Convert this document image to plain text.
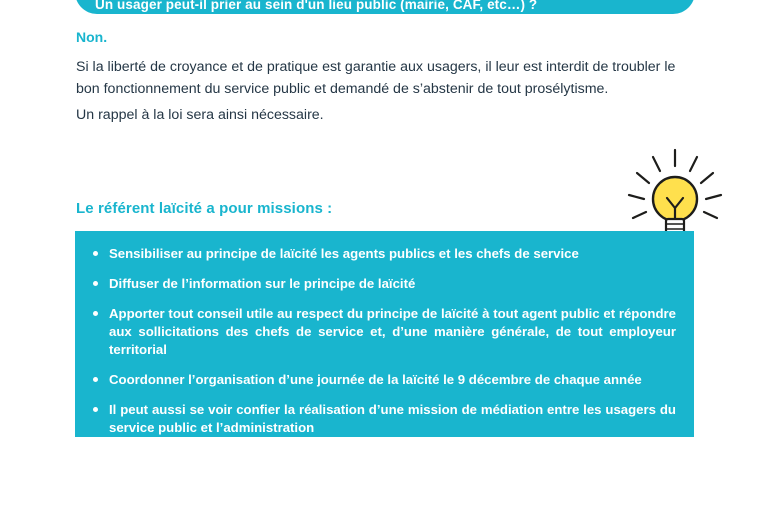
Un usager peut-il prier au sein d'un lieu public (mairie, CAF, etc…) ?
Non.
Si la liberté de croyance et de pratique est garantie aux usagers, il leur est interdit de troubler le bon fonctionnement du service public et demandé de s’abstenir de tout prosélytisme.
Un rappel à la loi sera ainsi nécessaire.
Le référent laïcité a pour missions :
Sensibiliser au principe de laïcité les agents publics et les chefs de service
Diffuser de l’information sur le principe de laïcité
Apporter tout conseil utile au respect du principe de laïcité à tout agent public et répondre aux sollicitations des chefs de service et, d’une manière générale, de tout employeur territorial
Coordonner l’organisation d’une journée de la laïcité le 9 décembre de chaque année
Il peut aussi se voir confier la réalisation d’une mission de médiation entre les usagers du service public et l’administration
